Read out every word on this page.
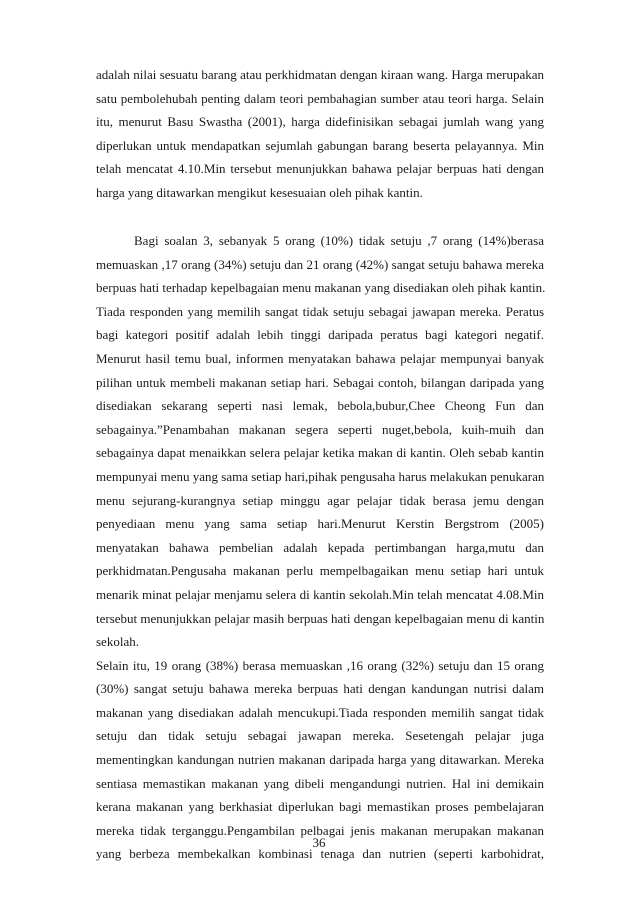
adalah nilai sesuatu barang atau perkhidmatan dengan kiraan wang. Harga merupakan
satu pembolehubah penting dalam teori pembahagian sumber atau teori harga. Selain
itu, menurut Basu Swastha (2001), harga didefinisikan sebagai jumlah wang yang
diperlukan untuk mendapatkan sejumlah gabungan barang beserta pelayannya. Min
telah mencatat 4.10.Min tersebut menunjukkan bahawa pelajar berpuas hati dengan
harga yang ditawarkan mengikut kesesuaian oleh pihak kantin.
Bagi soalan 3, sebanyak 5 orang (10%) tidak setuju ,7 orang (14%)berasa
memuaskan ,17 orang (34%) setuju dan 21 orang (42%) sangat setuju bahawa mereka
berpuas hati terhadap kepelbagaian menu makanan yang disediakan oleh pihak kantin.
Tiada responden yang memilih sangat tidak setuju sebagai jawapan mereka. Peratus
bagi kategori positif adalah lebih tinggi daripada peratus bagi kategori negatif.
Menurut hasil temu bual, informen menyatakan bahawa pelajar mempunyai banyak
pilihan untuk membeli makanan setiap hari. Sebagai contoh, bilangan daripada yang
disediakan sekarang seperti nasi lemak, bebola,bubur,Chee Cheong Fun dan
sebagainya.”Penambahan makanan segera seperti nuget,bebola, kuih-muih dan
sebagainya dapat menaikkan selera pelajar ketika makan di kantin. Oleh sebab kantin
mempunyai menu yang sama setiap hari,pihak pengusaha harus melakukan penukaran
menu sejurang-kurangnya setiap minggu agar pelajar tidak berasa jemu dengan
penyediaan menu yang sama setiap hari.Menurut Kerstin Bergstrom (2005)
menyatakan bahawa pembelian adalah kepada pertimbangan harga,mutu dan
perkhidmatan.Pengusaha makanan perlu mempelbagaikan menu setiap hari untuk
menarik minat pelajar menjamu selera di kantin sekolah.Min telah mencatat 4.08.Min
tersebut menunjukkan pelajar masih berpuas hati dengan kepelbagaian menu di kantin
sekolah.
Selain itu, 19 orang (38%) berasa memuaskan ,16 orang (32%) setuju dan 15 orang
(30%) sangat setuju bahawa mereka berpuas hati dengan kandungan nutrisi dalam
makanan yang disediakan adalah mencukupi.Tiada responden memilih sangat tidak
setuju dan tidak setuju sebagai jawapan mereka. Sesetengah pelajar juga
mementingkan kandungan nutrien makanan daripada harga yang ditawarkan. Mereka
sentiasa memastikan makanan yang dibeli mengandungi nutrien. Hal ini demikain
kerana makanan yang berkhasiat diperlukan bagi memastikan proses pembelajaran
mereka tidak terganggu.Pengambilan pelbagai jenis makanan merupakan makanan
yang berbeza membekalkan kombinasi tenaga dan nutrien (seperti karbohidrat,
36
